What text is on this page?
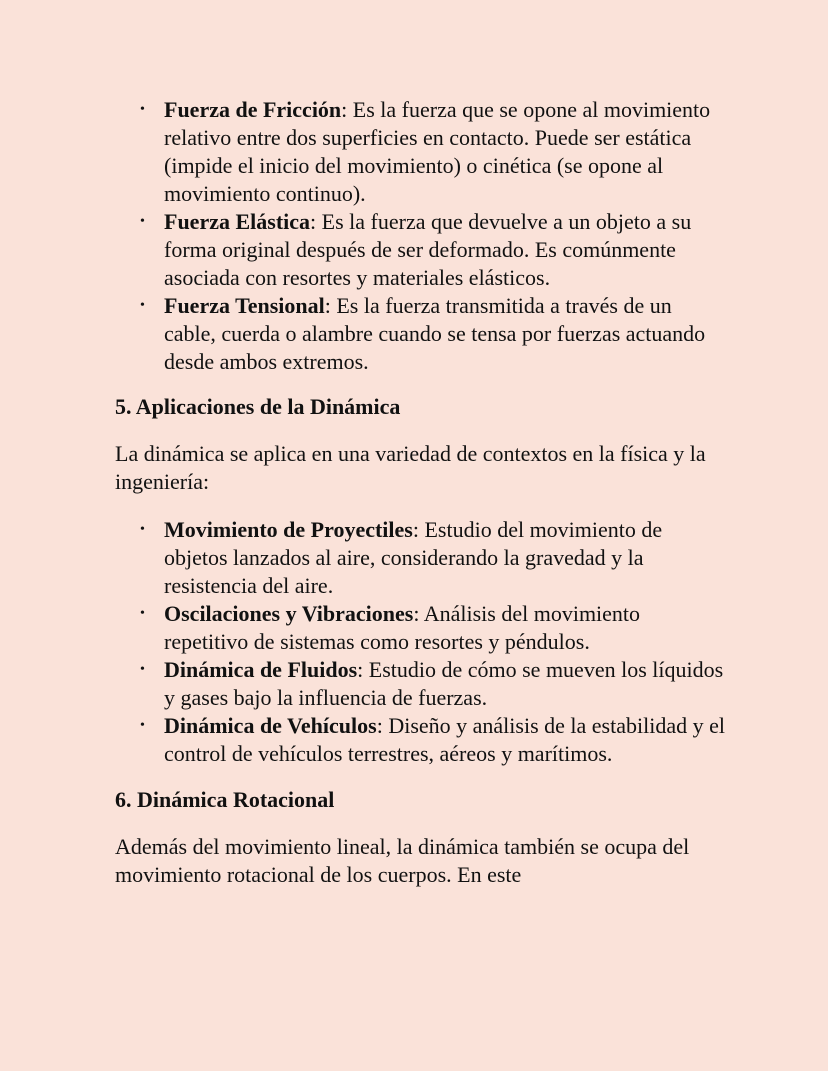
• Fuerza de Fricción: Es la fuerza que se opone al movimiento relativo entre dos superficies en contacto. Puede ser estática (impide el inicio del movimiento) o cinética (se opone al movimiento continuo).
• Fuerza Elástica: Es la fuerza que devuelve a un objeto a su forma original después de ser deformado. Es comúnmente asociada con resortes y materiales elásticos.
• Fuerza Tensional: Es la fuerza transmitida a través de un cable, cuerda o alambre cuando se tensa por fuerzas actuando desde ambos extremos.
5. Aplicaciones de la Dinámica

La dinámica se aplica en una variedad de contextos en la física y la ingeniería:

• Movimiento de Proyectiles: Estudio del movimiento de objetos lanzados al aire, considerando la gravedad y la resistencia del aire.
• Oscilaciones y Vibraciones: Análisis del movimiento repetitivo de sistemas como resortes y péndulos.
• Dinámica de Fluidos: Estudio de cómo se mueven los líquidos y gases bajo la influencia de fuerzas.
• Dinámica de Vehículos: Diseño y análisis de la estabilidad y el control de vehículos terrestres, aéreos y marítimos.
6. Dinámica Rotacional

Además del movimiento lineal, la dinámica también se ocupa del movimiento rotacional de los cuerpos. En este
